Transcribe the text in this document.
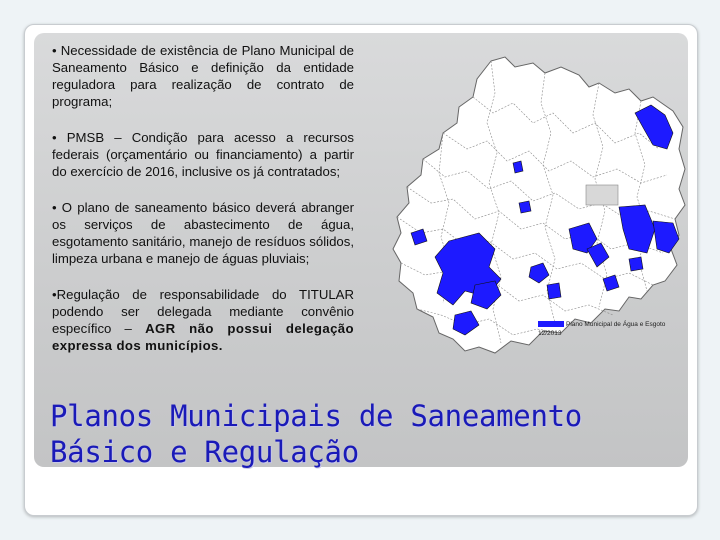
• Necessidade de existência de Plano Municipal de Saneamento Básico e definição da entidade reguladora para realização de contrato de programa;

• PMSB – Condição para acesso a recursos federais (orçamentário ou financiamento) a partir do exercício de 2016, inclusive os já contratados;

• O plano de saneamento básico deverá abranger os serviços de abastecimento de água, esgotamento sanitário, manejo de resíduos sólidos, limpeza urbana e manejo de águas pluviais;

•Regulação de responsabilidade do TITULAR podendo ser delegada mediante convênio específico – AGR não possui delegação expressa dos municípios.

Plano Municipal de Água e Esgoto
12/2013
Planos Municipais de Saneamento
Básico e Regulação
